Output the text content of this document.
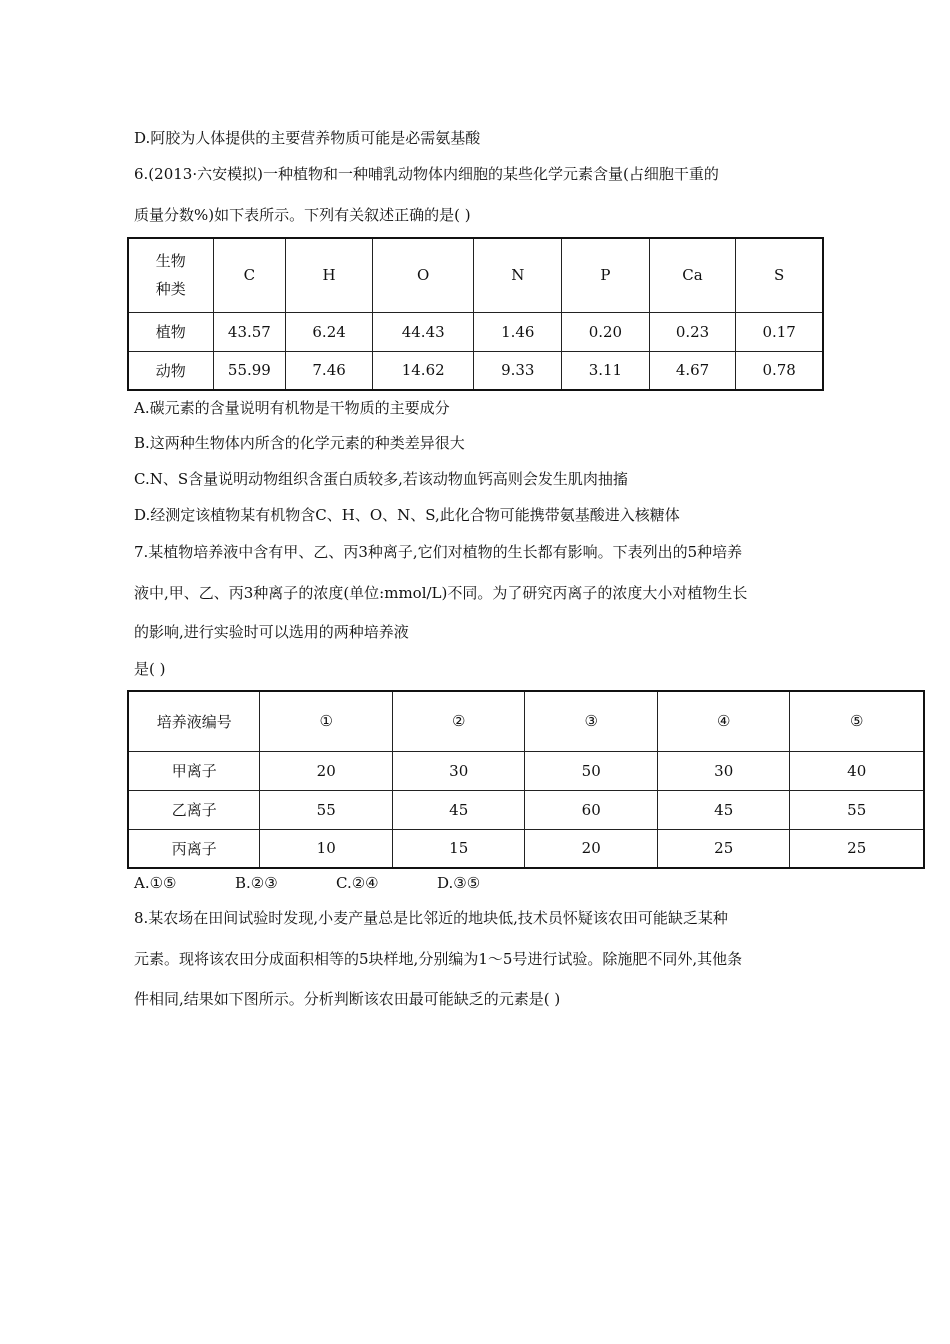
D.阿胶为人体提供的主要营养物质可能是必需氨基酸
6.(2013·六安模拟)一种植物和一种哺乳动物体内细胞的某些化学元素含量(占细胞干重的
质量分数%)如下表所示。下列有关叙述正确的是( )
生物
种类	C	H	O	N	P	Ca	S
植物	43.57	6.24	44.43	1.46	0.20	0.23	0.17
动物	55.99	7.46	14.62	9.33	3.11	4.67	0.78
A.碳元素的含量说明有机物是干物质的主要成分
B.这两种生物体内所含的化学元素的种类差异很大
C.N、S含量说明动物组织含蛋白质较多,若该动物血钙高则会发生肌肉抽搐
D.经测定该植物某有机物含C、H、O、N、S,此化合物可能携带氨基酸进入核糖体
7.某植物培养液中含有甲、乙、丙3种离子,它们对植物的生长都有影响。下表列出的5种培养
液中,甲、乙、丙3种离子的浓度(单位:mmol/L)不同。为了研究丙离子的浓度大小对植物生长
的影响,进行实验时可以选用的两种培养液
是( )
培养液编号	①	②	③	④	⑤
甲离子	20	30	50	30	40
乙离子	55	45	60	45	55
丙离子	10	15	20	25	25
A.①⑤	B.②③	C.②④	D.③⑤
8.某农场在田间试验时发现,小麦产量总是比邻近的地块低,技术员怀疑该农田可能缺乏某种
元素。现将该农田分成面积相等的5块样地,分别编为1～5号进行试验。除施肥不同外,其他条
件相同,结果如下图所示。分析判断该农田最可能缺乏的元素是( )
